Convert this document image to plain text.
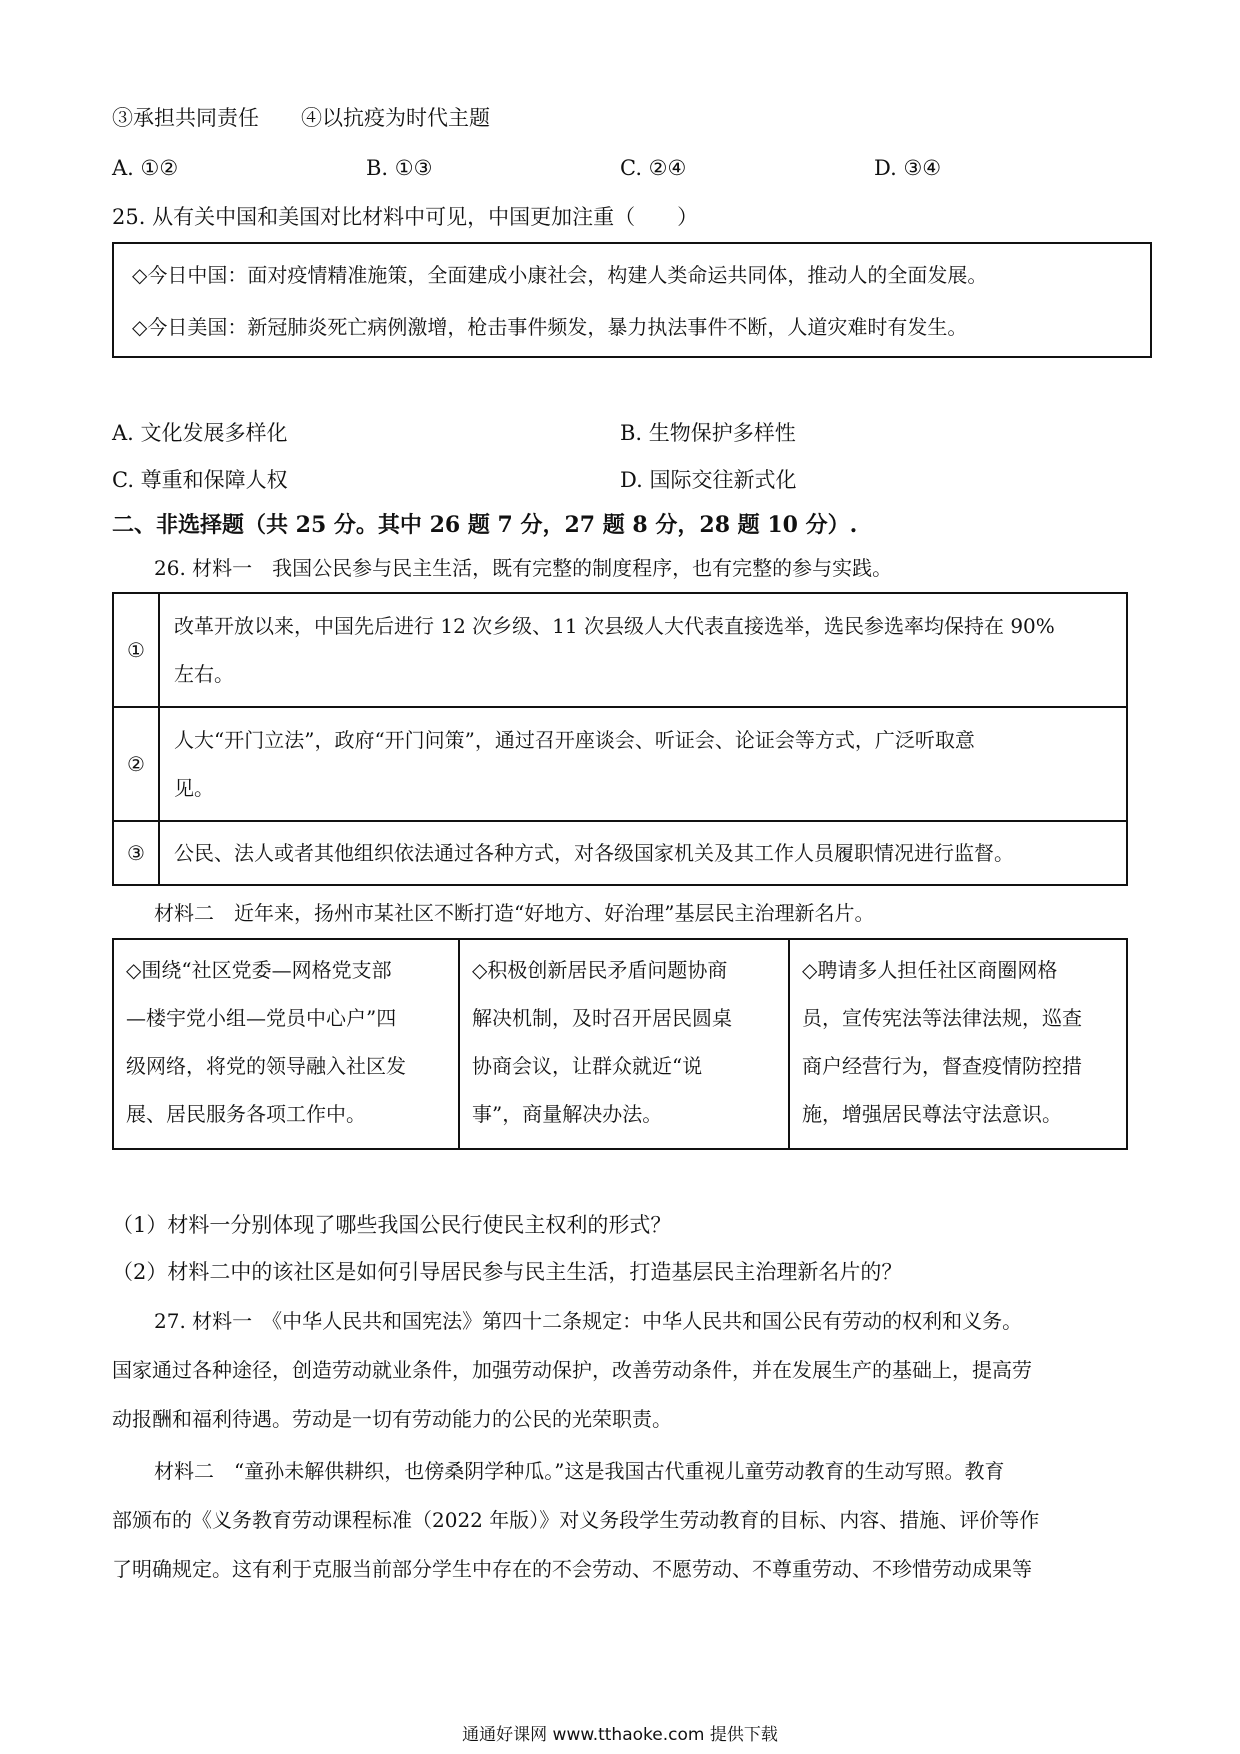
③承担共同责任　　④以抗疫为时代主题
A. ①②	B. ①③	C. ②④	D. ③④
25. 从有关中国和美国对比材料中可见，中国更加注重（　　）

◇今日中国：面对疫情精准施策，全面建成小康社会，构建人类命运共同体，推动人的全面发展。

◇今日美国：新冠肺炎死亡病例激增，枪击事件频发，暴力执法事件不断，人道灾难时有发生。

A. 文化发展多样化	B. 生物保护多样性
C. 尊重和保障人权	D. 国际交往新式化
二、非选择题（共 25 分。其中 26 题 7 分，27 题 8 分，28 题 10 分）.
26. 材料一　我国公民参与民主生活，既有完整的制度程序，也有完整的参与实践。
①	改革开放以来，中国先后进行 12 次乡级、11 次县级人大代表直接选举，选民参选率均保持在 90%
左右。

②	人大“开门立法”，政府“开门问策”，通过召开座谈会、听证会、论证会等方式，广泛听取意
见。

③	公民、法人或者其他组织依法通过各种方式，对各级国家机关及其工作人员履职情况进行监督。
材料二　近年来，扬州市某社区不断打造“好地方、好治理”基层民主治理新名片。
◇围绕“社区党委—网格党支部
—楼宇党小组—党员中心户”四
级网络，将党的领导融入社区发
展、居民服务各项工作中。

◇积极创新居民矛盾问题协商
解决机制，及时召开居民圆桌
协商会议，让群众就近“说
事”，商量解决办法。

◇聘请多人担任社区商圈网格
员，宣传宪法等法律法规，巡查
商户经营行为，督查疫情防控措
施，增强居民尊法守法意识。
（1）材料一分别体现了哪些我国公民行使民主权利的形式？
（2）材料二中的该社区是如何引导居民参与民主生活，打造基层民主治理新名片的？
27. 材料一　《中华人民共和国宪法》第四十二条规定：中华人民共和国公民有劳动的权利和义务。
国家通过各种途径，创造劳动就业条件，加强劳动保护，改善劳动条件，并在发展生产的基础上，提高劳
动报酬和福利待遇。劳动是一切有劳动能力的公民的光荣职责。
材料二　“童孙未解供耕织，也傍桑阴学种瓜。”这是我国古代重视儿童劳动教育的生动写照。教育
部颁布的《义务教育劳动课程标准（2022 年版）》对义务段学生劳动教育的目标、内容、措施、评价等作
了明确规定。这有利于克服当前部分学生中存在的不会劳动、不愿劳动、不尊重劳动、不珍惜劳动成果等
通通好课网 www.tthaoke.com 提供下载
